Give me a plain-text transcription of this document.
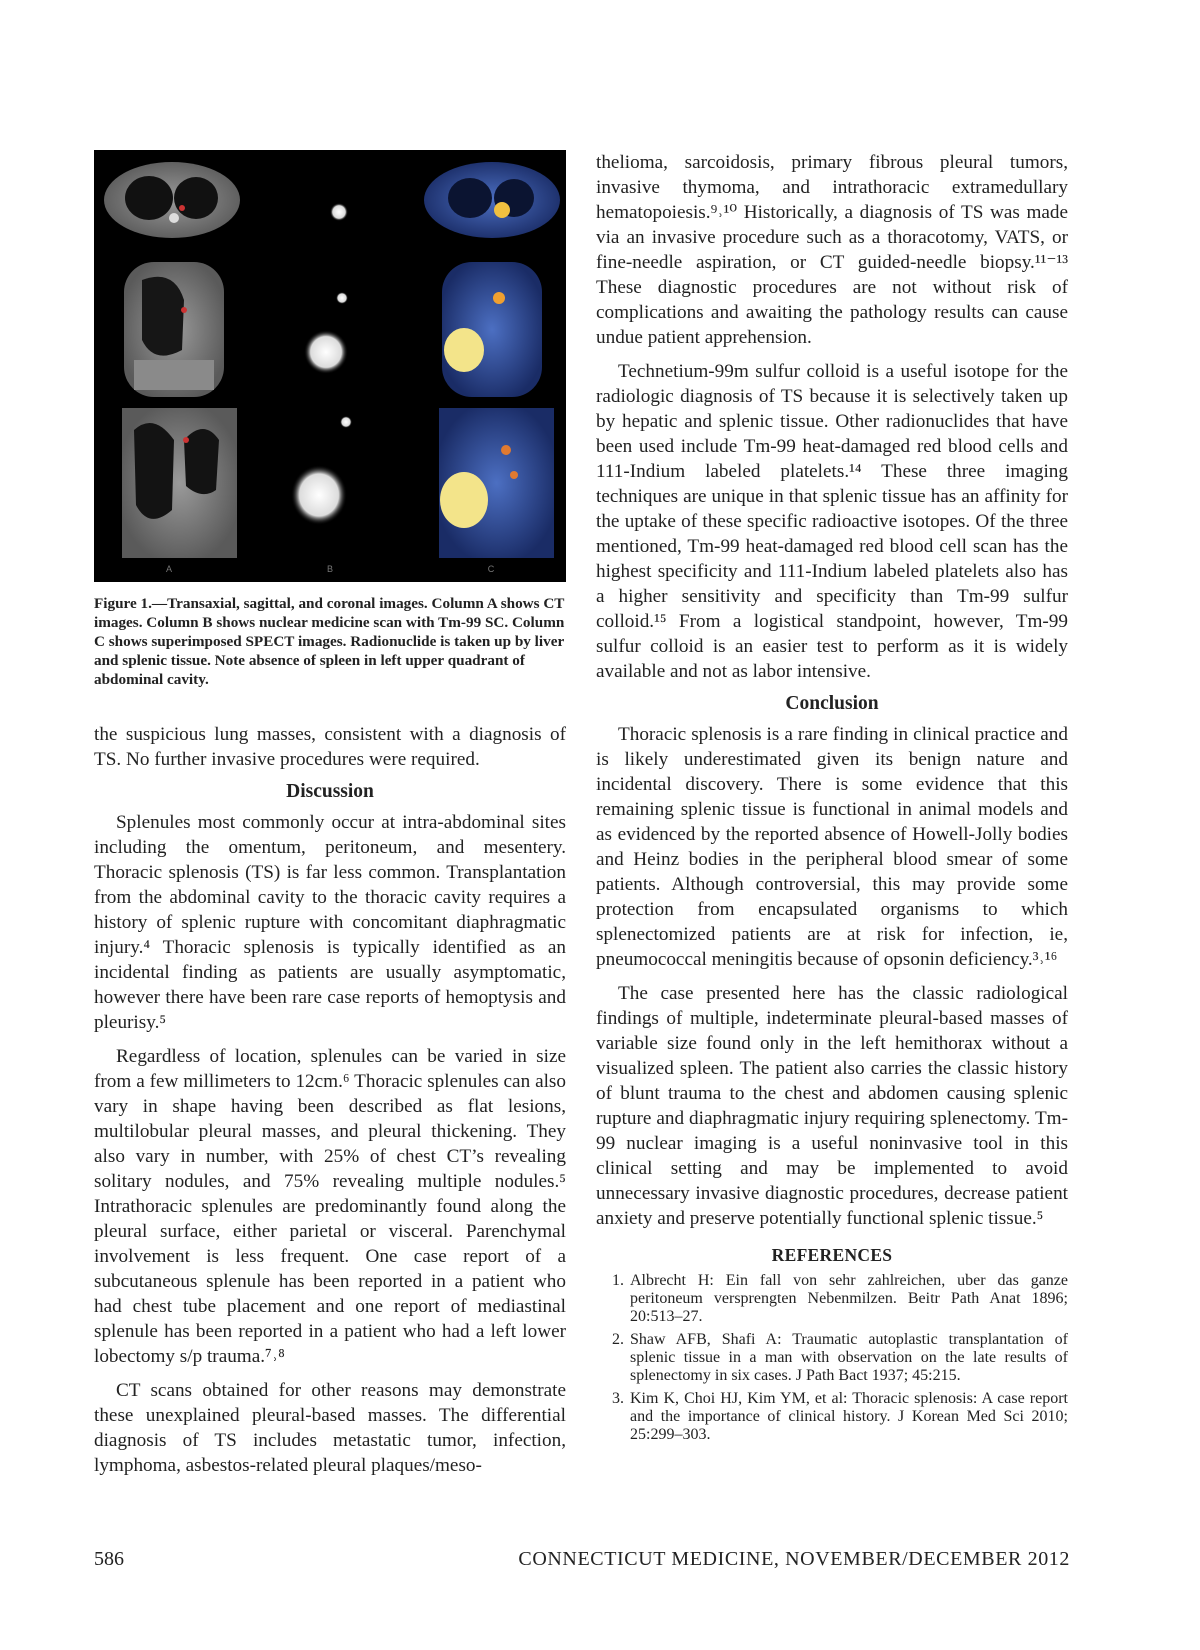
A	B	C
Figure 1.—Transaxial, sagittal, and coronal images. Column A shows CT images. Column B shows nuclear medicine scan with Tm-99 SC. Column C shows superimposed SPECT images. Radionuclide is taken up by liver and splenic tissue. Note absence of spleen in left upper quadrant of abdominal cavity.

the suspicious lung masses, consistent with a diagnosis of TS. No further invasive procedures were required.

Discussion

Splenules most commonly occur at intra-abdominal sites including the omentum, peritoneum, and mesentery. Thoracic splenosis (TS) is far less common. Transplantation from the abdominal cavity to the thoracic cavity requires a history of splenic rupture with concomitant diaphragmatic injury.⁴ Thoracic splenosis is typically identified as an incidental finding as patients are usually asymptomatic, however there have been rare case reports of hemoptysis and pleurisy.⁵

Regardless of location, splenules can be varied in size from a few millimeters to 12cm.⁶ Thoracic splenules can also vary in shape having been described as flat lesions, multilobular pleural masses, and pleural thickening. They also vary in number, with 25% of chest CT’s revealing solitary nodules, and 75% revealing multiple nodules.⁵ Intrathoracic splenules are predominantly found along the pleural surface, either parietal or visceral. Parenchymal involvement is less frequent. One case report of a subcutaneous splenule has been reported in a patient who had chest tube placement and one report of mediastinal splenule has been reported in a patient who had a left lower lobectomy s/p trauma.⁷˒⁸

CT scans obtained for other reasons may demonstrate these unexplained pleural-based masses. The differential diagnosis of TS includes metastatic tumor, infection, lymphoma, asbestos-related pleural plaques/meso-

thelioma, sarcoidosis, primary fibrous pleural tumors, invasive thymoma, and intrathoracic extramedullary hematopoiesis.⁹˒¹⁰ Historically, a diagnosis of TS was made via an invasive procedure such as a thoracotomy, VATS, or fine-needle aspiration, or CT guided-needle biopsy.¹¹⁻¹³ These diagnostic procedures are not without risk of complications and awaiting the pathology results can cause undue patient apprehension.

Technetium-99m sulfur colloid is a useful isotope for the radiologic diagnosis of TS because it is selectively taken up by hepatic and splenic tissue. Other radionuclides that have been used include Tm-99 heat-damaged red blood cells and 111-Indium labeled platelets.¹⁴ These three imaging techniques are unique in that splenic tissue has an affinity for the uptake of these specific radioactive isotopes. Of the three mentioned, Tm-99 heat-damaged red blood cell scan has the highest specificity and 111-Indium labeled platelets also has a higher sensitivity and specificity than Tm-99 sulfur colloid.¹⁵ From a logistical standpoint, however, Tm-99 sulfur colloid is an easier test to perform as it is widely available and not as labor intensive.

Conclusion

Thoracic splenosis is a rare finding in clinical practice and is likely underestimated given its benign nature and incidental discovery. There is some evidence that this remaining splenic tissue is functional in animal models and as evidenced by the reported absence of Howell-Jolly bodies and Heinz bodies in the peripheral blood smear of some patients. Although controversial, this may provide some protection from encapsulated organisms to which splenectomized patients are at risk for infection, ie, pneumococcal meningitis because of opsonin deficiency.³˒¹⁶

The case presented here has the classic radiological findings of multiple, indeterminate pleural-based masses of variable size found only in the left hemithorax without a visualized spleen. The patient also carries the classic history of blunt trauma to the chest and abdomen causing splenic rupture and diaphragmatic injury requiring splenectomy. Tm-99 nuclear imaging is a useful noninvasive tool in this clinical setting and may be implemented to avoid unnecessary invasive diagnostic procedures, decrease patient anxiety and preserve potentially functional splenic tissue.⁵

REFERENCES
1. Albrecht H: Ein fall von sehr zahlreichen, uber das ganze peritoneum versprengten Nebenmilzen. Beitr Path Anat 1896; 20:513–27.
2. Shaw AFB, Shafi A: Traumatic autoplastic transplantation of splenic tissue in a man with observation on the late results of splenectomy in six cases. J Path Bact 1937; 45:215.
3. Kim K, Choi HJ, Kim YM, et al: Thoracic splenosis: A case report and the importance of clinical history. J Korean Med Sci 2010; 25:299–303.
586	CONNECTICUT MEDICINE, NOVEMBER/DECEMBER 2012
